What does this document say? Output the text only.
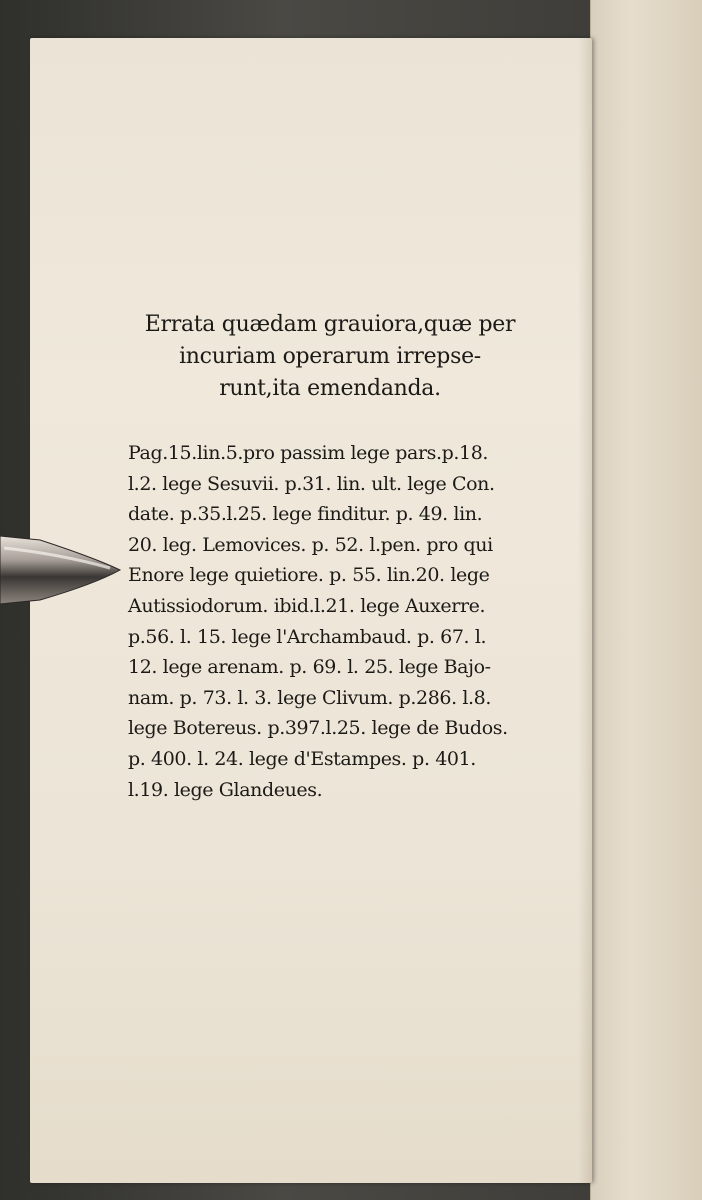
Errata quædam grauiora,quæ per
incuriam operarum irrepse-
runt,ita emendanda.
Pag.15.lin.5.pro passim lege pars.p.18.
l.2. lege Sesuvii. p.31. lin. ult. lege Con.
date. p.35.l.25. lege finditur. p. 49. lin.
20. leg. Lemovices. p. 52. l.pen. pro qui
Enore lege quietiore. p. 55. lin.20. lege
Autissiodorum. ibid.l.21. lege Auxerre.
p.56. l. 15. lege l'Archambaud. p. 67. l.
12. lege arenam. p. 69. l. 25. lege Bajo-
nam. p. 73. l. 3. lege Clivum. p.286. l.8.
lege Botereus. p.397.l.25. lege de Budos.
p. 400. l. 24. lege d'Estampes. p. 401.
l.19. lege Glandeues.
